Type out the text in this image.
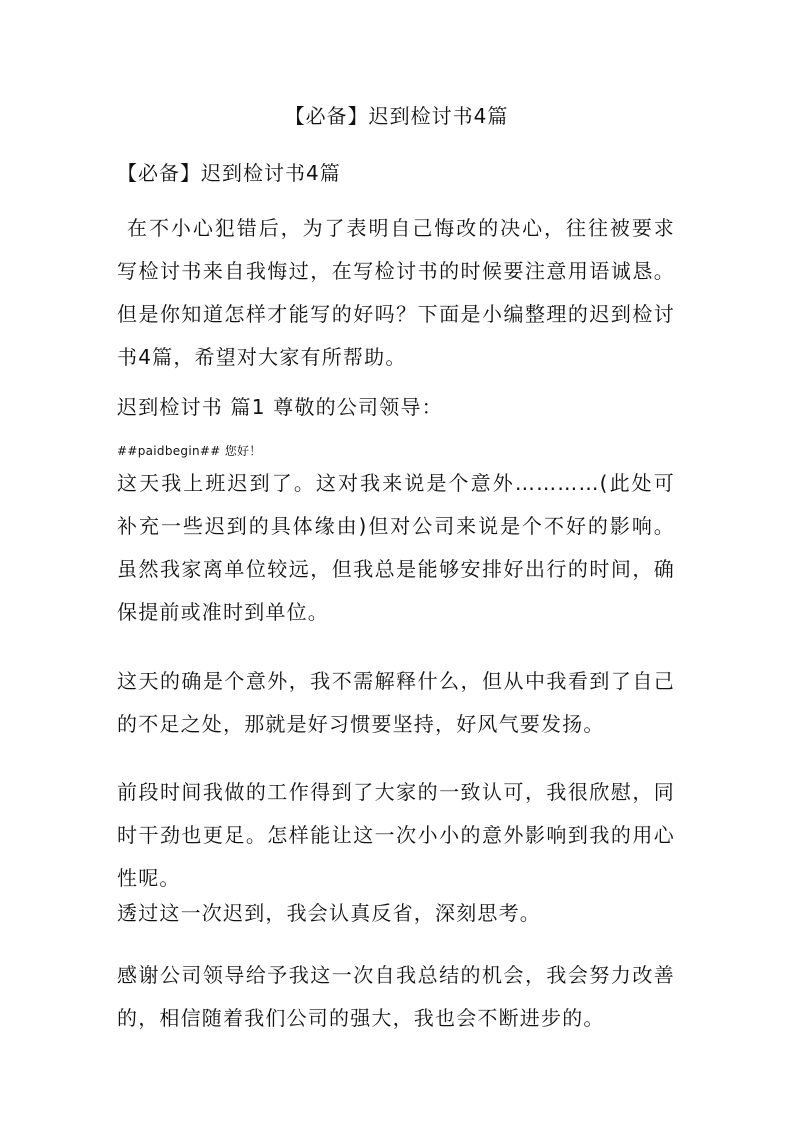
【必备】迟到检讨书4篇
【必备】迟到检讨书4篇

在不小心犯错后，为了表明自己悔改的决心，往往被要求写检讨书来自我悔过，在写检讨书的时候要注意用语诚恳。但是你知道怎样才能写的好吗？下面是小编整理的迟到检讨书4篇，希望对大家有所帮助。

迟到检讨书 篇1 尊敬的公司领导：

##paidbegin## 您好！

这天我上班迟到了。这对我来说是个意外…………(此处可补充一些迟到的具体缘由)但对公司来说是个不好的影响。虽然我家离单位较远，但我总是能够安排好出行的时间，确保提前或准时到单位。

这天的确是个意外，我不需解释什么，但从中我看到了自己的不足之处，那就是好习惯要坚持，好风气要发扬。

前段时间我做的工作得到了大家的一致认可，我很欣慰，同时干劲也更足。怎样能让这一次小小的意外影响到我的用心性呢。

透过这一次迟到，我会认真反省，深刻思考。

感谢公司领导给予我这一次自我总结的机会，我会努力改善的，相信随着我们公司的强大，我也会不断进步的。
